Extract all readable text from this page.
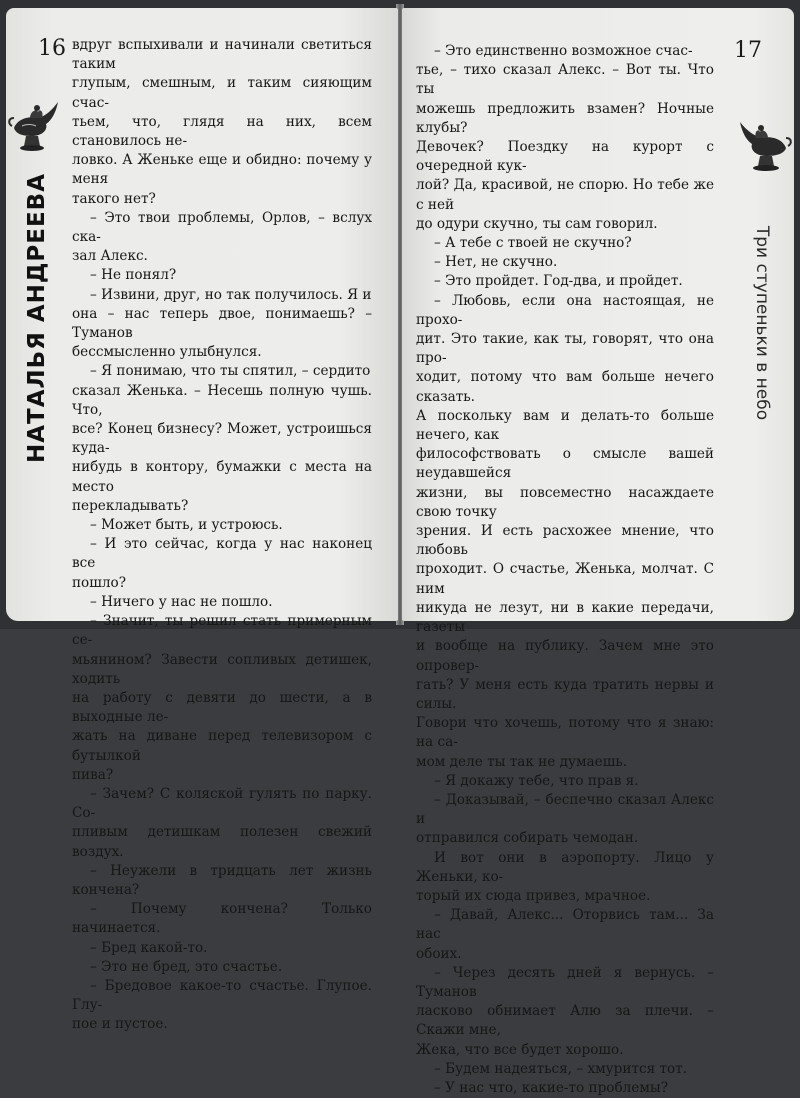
16
НАТАЛЬЯ АНДРЕЕВА

вдруг вспыхивали и начинали светиться таким

глупым, смешным, и таким сияющим счас-

тьем, что, глядя на них, всем становилось не-

ловко. А Женьке еще и обидно: почему у меня

такого нет?

– Это твои проблемы, Орлов, – вслух ска-

зал Алекс.

– Не понял?

– Извини, друг, но так получилось. Я и

она – нас теперь двое, понимаешь? – Туманов

бессмысленно улыбнулся.

– Я понимаю, что ты спятил, – сердито

сказал Женька. – Несешь полную чушь. Что,

все? Конец бизнесу? Может, устроишься куда-

нибудь в контору, бумажки с места на место

перекладывать?

– Может быть, и устроюсь.

– И это сейчас, когда у нас наконец все

пошло?

– Ничего у нас не пошло.

– Значит, ты решил стать примерным се-

мьянином? Завести сопливых детишек, ходить

на работу с девяти до шести, а в выходные ле-

жать на диване перед телевизором с бутылкой

пива?

– Зачем? С коляской гулять по парку. Со-

пливым детишкам полезен свежий воздух.

– Неужели в тридцать лет жизнь кончена?

– Почему кончена? Только начинается.

– Бред какой-то.

– Это не бред, это счастье.

– Бредовое какое-то счастье. Глупое. Глу-

пое и пустое.

17
Три ступеньки в небо

– Это единственно возможное счас-

тье, – тихо сказал Алекс. – Вот ты. Что ты

можешь предложить взамен? Ночные клубы?

Девочек? Поездку на курорт с очередной кук-

лой? Да, красивой, не спорю. Но тебе же с ней

до одури скучно, ты сам говорил.

– А тебе с твоей не скучно?

– Нет, не скучно.

– Это пройдет. Год-два, и пройдет.

– Любовь, если она настоящая, не прохо-

дит. Это такие, как ты, говорят, что она про-

ходит, потому что вам больше нечего сказать.

А поскольку вам и делать-то больше нечего, как

философствовать о смысле вашей неудавшейся

жизни, вы повсеместно насаждаете свою точку

зрения. И есть расхожее мнение, что любовь

проходит. О счастье, Женька, молчат. С ним

никуда не лезут, ни в какие передачи, газеты

и вообще на публику. Зачем мне это опровер-

гать? У меня есть куда тратить нервы и силы.

Говори что хочешь, потому что я знаю: на са-

мом деле ты так не думаешь.

– Я докажу тебе, что прав я.

– Доказывай, – беспечно сказал Алекс и

отправился собирать чемодан.

И вот они в аэропорту. Лицо у Женьки, ко-

торый их сюда привез, мрачное.

– Давай, Алекс... Оторвись там... За нас

обоих.

– Через десять дней я вернусь. – Туманов

ласково обнимает Алю за плечи. – Скажи мне,

Жека, что все будет хорошо.

– Будем надеяться, – хмурится тот.

– У нас что, какие-то проблемы?
